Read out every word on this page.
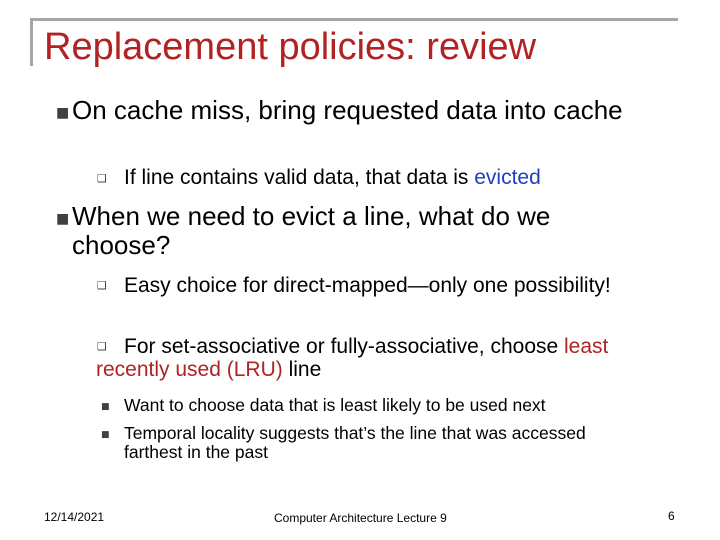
Replacement policies: review
■ On cache miss, bring requested data into cache
❑ If line contains valid data, that data is evicted
■ When we need to evict a line, what do we choose?
❑ Easy choice for direct-mapped—only one possibility!
❑ For set-associative or fully-associative, choose least recently used (LRU) line
■ Want to choose data that is least likely to be used next
■ Temporal locality suggests that’s the line that was accessed farthest in the past
12/14/2021	Computer Architecture Lecture 9	6
